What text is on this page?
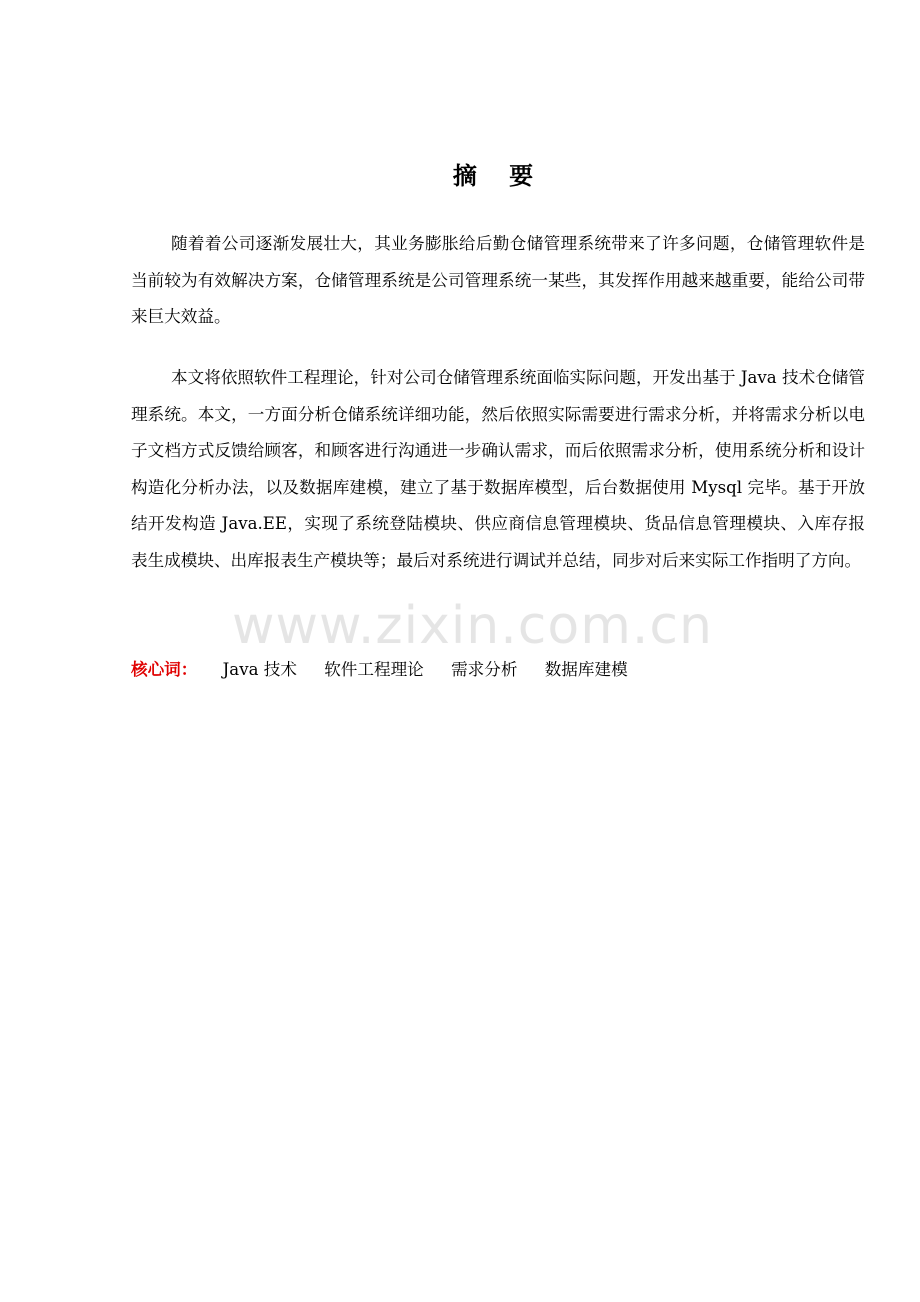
摘 要
随着着公司逐渐发展壮大，其业务膨胀给后勤仓储管理系统带来了许多问题，仓储管理软件是当前较为有效解决方案，仓储管理系统是公司管理系统一某些，其发挥作用越来越重要，能给公司带来巨大效益。
本文将依照软件工程理论，针对公司仓储管理系统面临实际问题，开发出基于 Java 技术仓储管理系统。本文，一方面分析仓储系统详细功能，然后依照实际需要进行需求分析，并将需求分析以电子文档方式反馈给顾客，和顾客进行沟通进一步确认需求，而后依照需求分析，使用系统分析和设计构造化分析办法，以及数据库建模，建立了基于数据库模型，后台数据使用 Mysql 完毕。基于开放结开发构造 Java.EE，实现了系统登陆模块、供应商信息管理模块、货品信息管理模块、入库存报表生成模块、出库报表生产模块等；最后对系统进行调试并总结，同步对后来实际工作指明了方向。
www.zixin.com.cn
核心词： Java 技术 软件工程理论 需求分析 数据库建模
